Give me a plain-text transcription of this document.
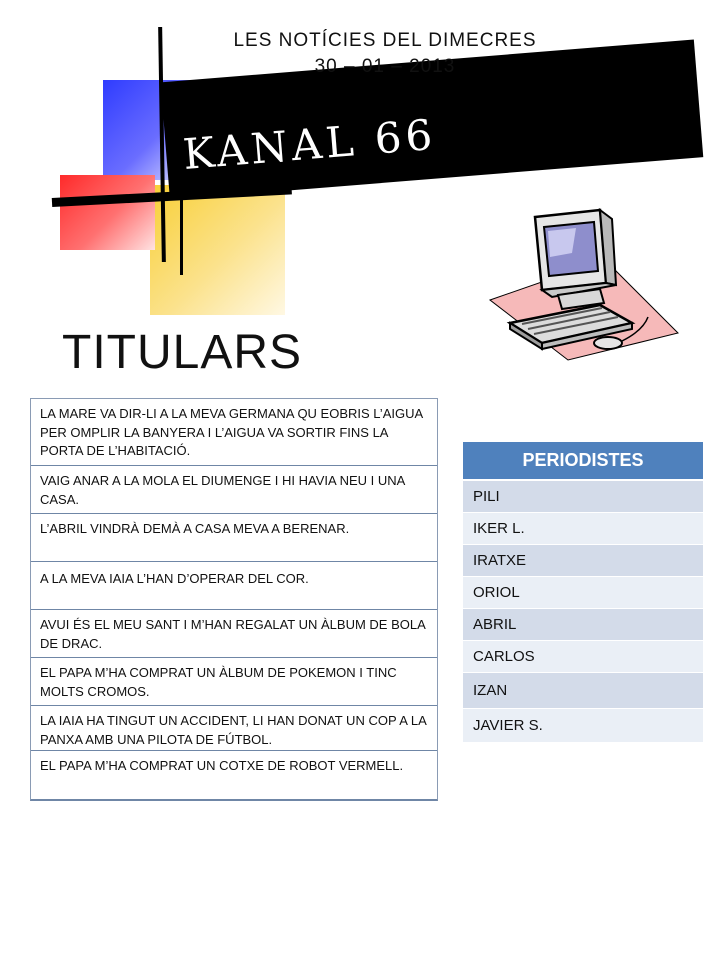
KANAL 66
LES NOTÍCIES DEL DIMECRES
30 – 01 – 2013
TITULARS
LA MARE VA DIR-LI A LA MEVA GERMANA QU EOBRIS L’AIGUA PER OMPLIR LA BANYERA I L’AIGUA VA SORTIR FINS LA PORTA DE L’HABITACIÓ.
VAIG ANAR A LA MOLA EL DIUMENGE I HI HAVIA NEU I UNA CASA.
L’ABRIL VINDRÀ DEMÀ A CASA MEVA A BERENAR.
A LA MEVA IAIA L’HAN D’OPERAR DEL COR.
AVUI ÉS EL MEU SANT I M’HAN REGALAT UN ÀLBUM DE BOLA DE DRAC.
EL PAPA M’HA COMPRAT UN ÀLBUM DE POKEMON I TINC MOLTS CROMOS.
LA IAIA HA TINGUT UN ACCIDENT, LI HAN DONAT UN COP A LA PANXA AMB UNA PILOTA DE FÚTBOL.
EL PAPA M’HA COMPRAT UN COTXE DE ROBOT VERMELL.
PERIODISTES
PILI
IKER L.
IRATXE
ORIOL
ABRIL
CARLOS
IZAN
JAVIER S.
